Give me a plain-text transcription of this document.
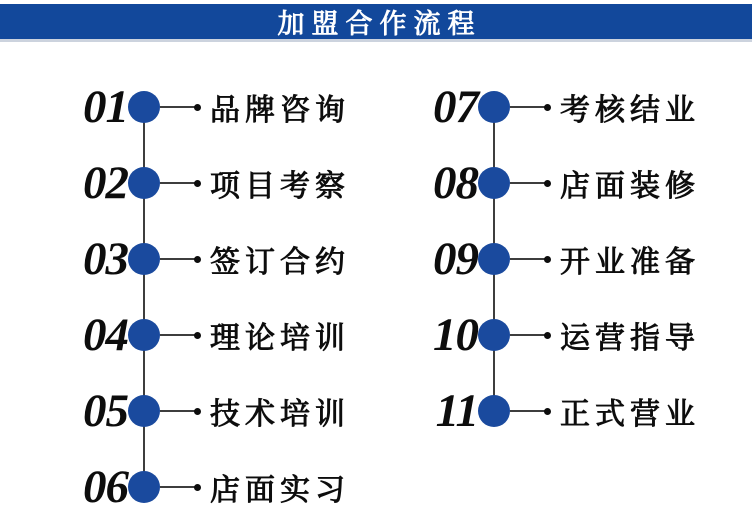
加盟合作流程
01	品牌咨询
02	项目考察
03	签订合约
04	理论培训
05	技术培训
06	店面实习
07	考核结业
08	店面装修
09	开业准备
10	运营指导
11	正式营业
